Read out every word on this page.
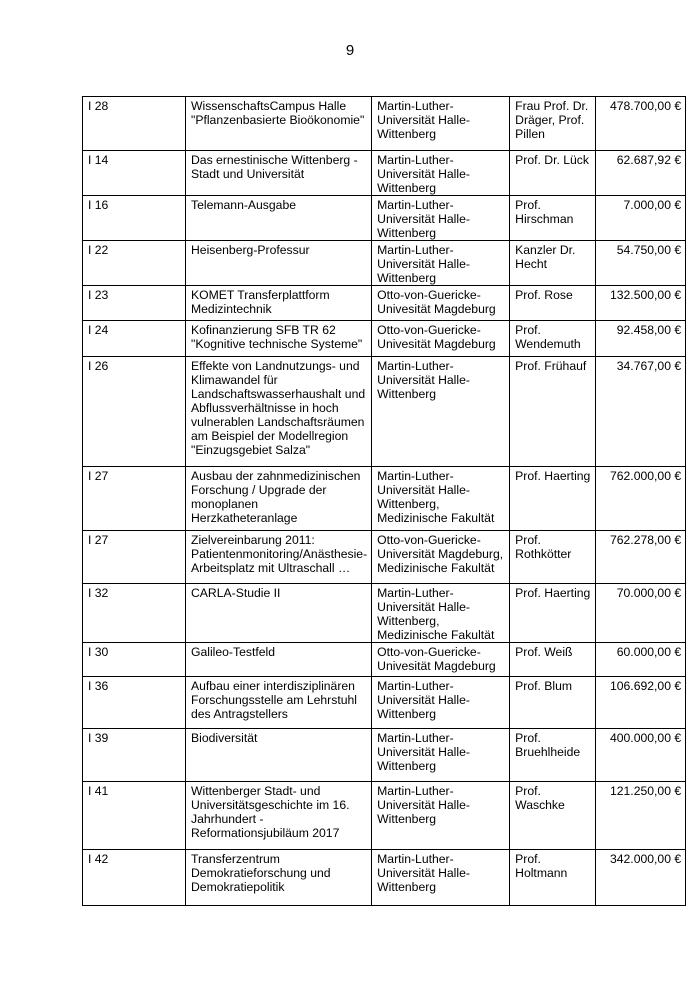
9
I 28	WissenschaftsCampus Halle "Pflanzenbasierte Bioökonomie"	Martin-Luther-Universität Halle-Wittenberg	Frau Prof. Dr. Dräger, Prof. Pillen	478.700,00 €
I 14	Das ernestinische Wittenberg - Stadt und Universität	Martin-Luther-Universität Halle-Wittenberg	Prof. Dr. Lück	62.687,92 €
I 16	Telemann-Ausgabe	Martin-Luther-Universität Halle-Wittenberg	Prof. Hirschman	7.000,00 €
I 22	Heisenberg-Professur	Martin-Luther-Universität Halle-Wittenberg	Kanzler Dr. Hecht	54.750,00 €
I 23	KOMET Transferplattform Medizintechnik	Otto-von-Guericke-Univesität Magdeburg	Prof. Rose	132.500,00 €
I 24	Kofinanzierung SFB TR 62 "Kognitive technische Systeme"	Otto-von-Guericke-Univesität Magdeburg	Prof. Wendemuth	92.458,00 €
I 26	Effekte von Landnutzungs- und Klimawandel für Landschaftswasserhaushalt und Abflussverhältnisse in hoch vulnerablen Landschaftsräumen am Beispiel der Modellregion "Einzugsgebiet Salza"	Martin-Luther-Universität Halle-Wittenberg	Prof. Frühauf	34.767,00 €
I 27	Ausbau der zahnmedizinischen Forschung / Upgrade der monoplanen Herzkatheteranlage	Martin-Luther-Universität Halle-Wittenberg, Medizinische Fakultät	Prof. Haerting	762.000,00 €
I 27	Zielvereinbarung 2011: Patientenmonitoring/Anästhesie-Arbeitsplatz mit Ultraschall …	Otto-von-Guericke-Universität Magdeburg, Medizinische Fakultät	Prof. Rothkötter	762.278,00 €
I 32	CARLA-Studie II	Martin-Luther-Universität Halle-Wittenberg, Medizinische Fakultät	Prof. Haerting	70.000,00 €
I 30	Galileo-Testfeld	Otto-von-Guericke-Univesität Magdeburg	Prof. Weiß	60.000,00 €
I 36	Aufbau einer interdisziplinären Forschungsstelle am Lehrstuhl des Antragstellers	Martin-Luther-Universität Halle-Wittenberg	Prof. Blum	106.692,00 €
I 39	Biodiversität	Martin-Luther-Universität Halle-Wittenberg	Prof. Bruehlheide	400.000,00 €
I 41	Wittenberger Stadt- und Universitätsgeschichte im 16. Jahrhundert - Reformationsjubiläum 2017	Martin-Luther-Universität Halle-Wittenberg	Prof. Waschke	121.250,00 €
I 42	Transferzentrum Demokratieforschung und Demokratiepolitik	Martin-Luther-Universität Halle-Wittenberg	Prof. Holtmann	342.000,00 €
